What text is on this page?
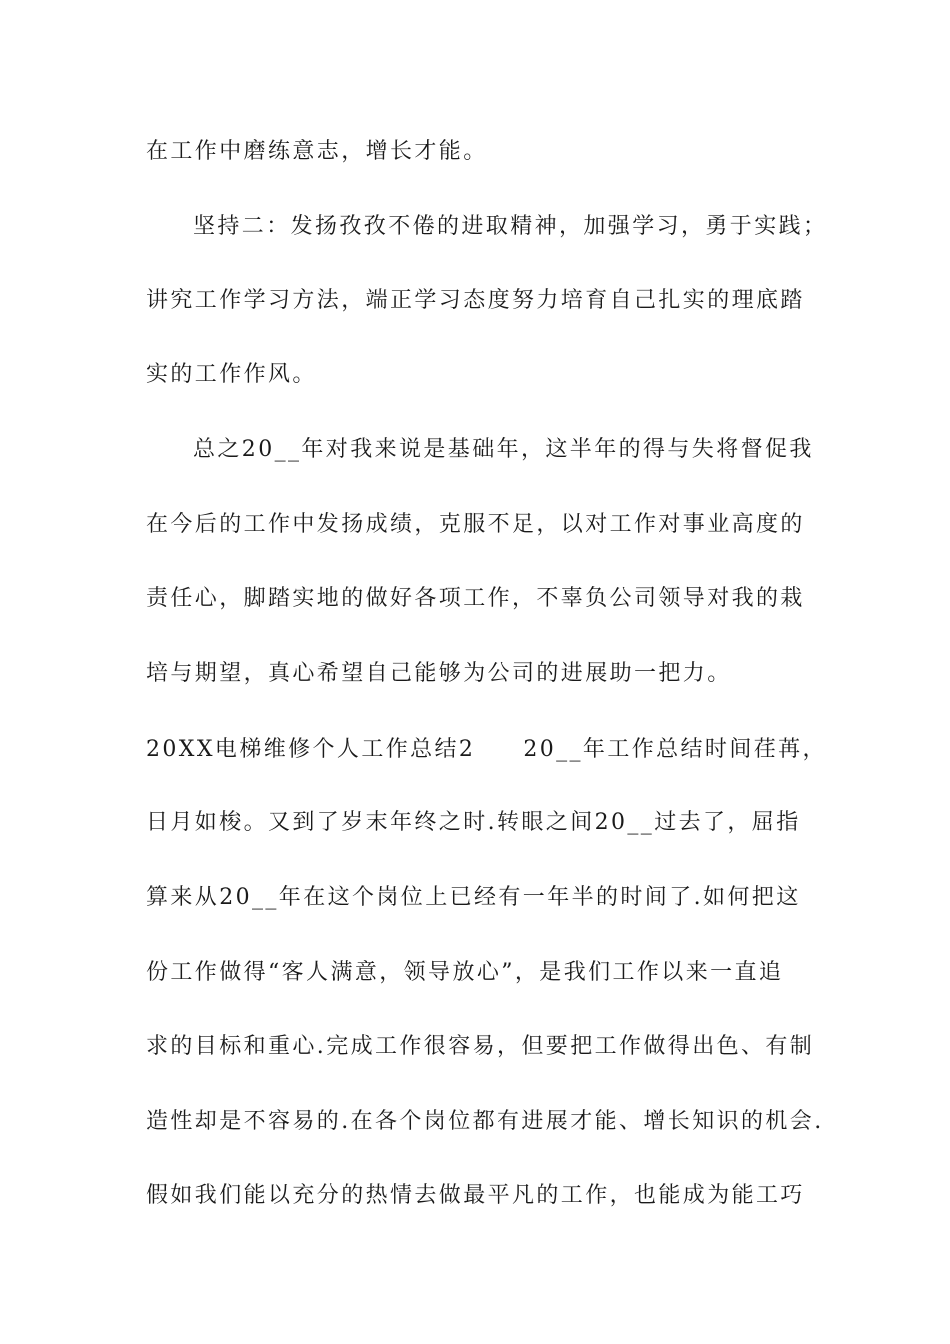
在工作中磨练意志，增长才能。

坚持二：发扬孜孜不倦的进取精神，加强学习，勇于实践；

讲究工作学习方法，端正学习态度努力培育自己扎实的理底踏

实的工作作风。

总之20__年对我来说是基础年，这半年的得与失将督促我

在今后的工作中发扬成绩，克服不足，以对工作对事业高度的

责任心，脚踏实地的做好各项工作，不辜负公司领导对我的栽

培与期望，真心希望自己能够为公司的进展助一把力。

20XX电梯维修个人工作总结2 20__年工作总结时间荏苒，

日月如梭。又到了岁末年终之时.转眼之间20__过去了，屈指

算来从20__年在这个岗位上已经有一年半的时间了.如何把这

份工作做得“客人满意，领导放心”，是我们工作以来一直追

求的目标和重心.完成工作很容易，但要把工作做得出色、有制

造性却是不容易的.在各个岗位都有进展才能、增长知识的机会.

假如我们能以充分的热情去做最平凡的工作，也能成为能工巧
